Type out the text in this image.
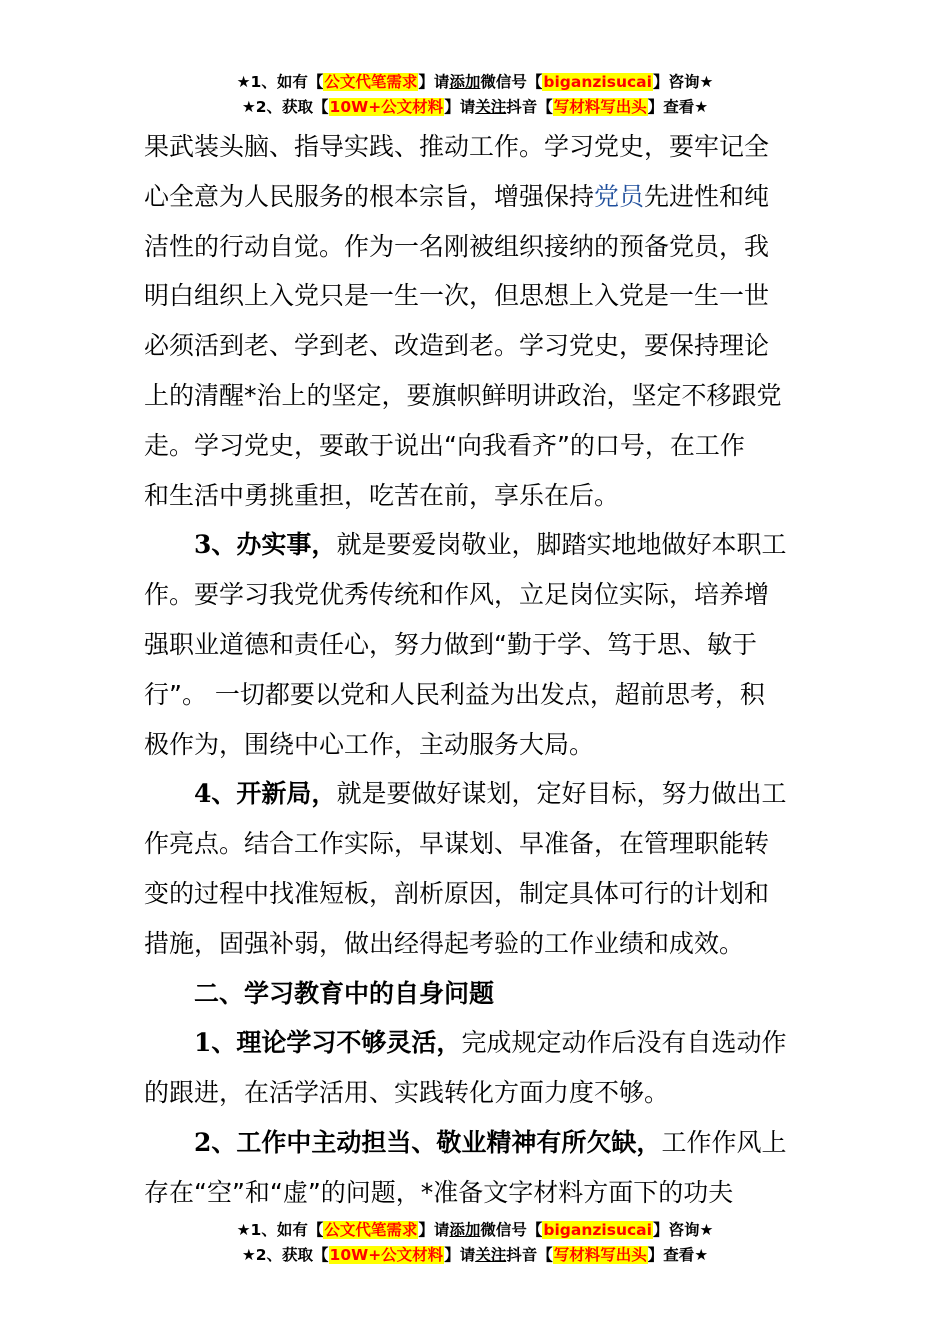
★1、如有【公文代笔需求】请添加微信号【biganzisucai】咨询★
★2、获取【10W+公文材料】请关注抖音【写材料写出头】查看★
果武装头脑、指导实践、推动工作。学习党史，要牢记全
心全意为人民服务的根本宗旨，增强保持党员先进性和纯
洁性的行动自觉。作为一名刚被组织接纳的预备党员，我
明白组织上入党只是一生一次，但思想上入党是一生一世
必须活到老、学到老、改造到老。学习党史，要保持理论
上的清醒*治上的坚定，要旗帜鲜明讲政治，坚定不移跟党
走。学习党史，要敢于说出“向我看齐”的口号，在工作
和生活中勇挑重担，吃苦在前，享乐在后。
3、办实事，就是要爱岗敬业，脚踏实地地做好本职工
作。要学习我党优秀传统和作风，立足岗位实际，培养增
强职业道德和责任心，努力做到“勤于学、笃于思、敏于
行”。 一切都要以党和人民利益为出发点，超前思考，积
极作为，围绕中心工作，主动服务大局。
4、开新局，就是要做好谋划，定好目标，努力做出工
作亮点。结合工作实际，早谋划、早准备，在管理职能转
变的过程中找准短板，剖析原因，制定具体可行的计划和
措施，固强补弱，做出经得起考验的工作业绩和成效。
二、学习教育中的自身问题
1、理论学习不够灵活，完成规定动作后没有自选动作
的跟进，在活学活用、实践转化方面力度不够。
2、工作中主动担当、敬业精神有所欠缺，工作作风上
存在“空”和“虚”的问题，*准备文字材料方面下的功夫
★1、如有【公文代笔需求】请添加微信号【biganzisucai】咨询★
★2、获取【10W+公文材料】请关注抖音【写材料写出头】查看★
